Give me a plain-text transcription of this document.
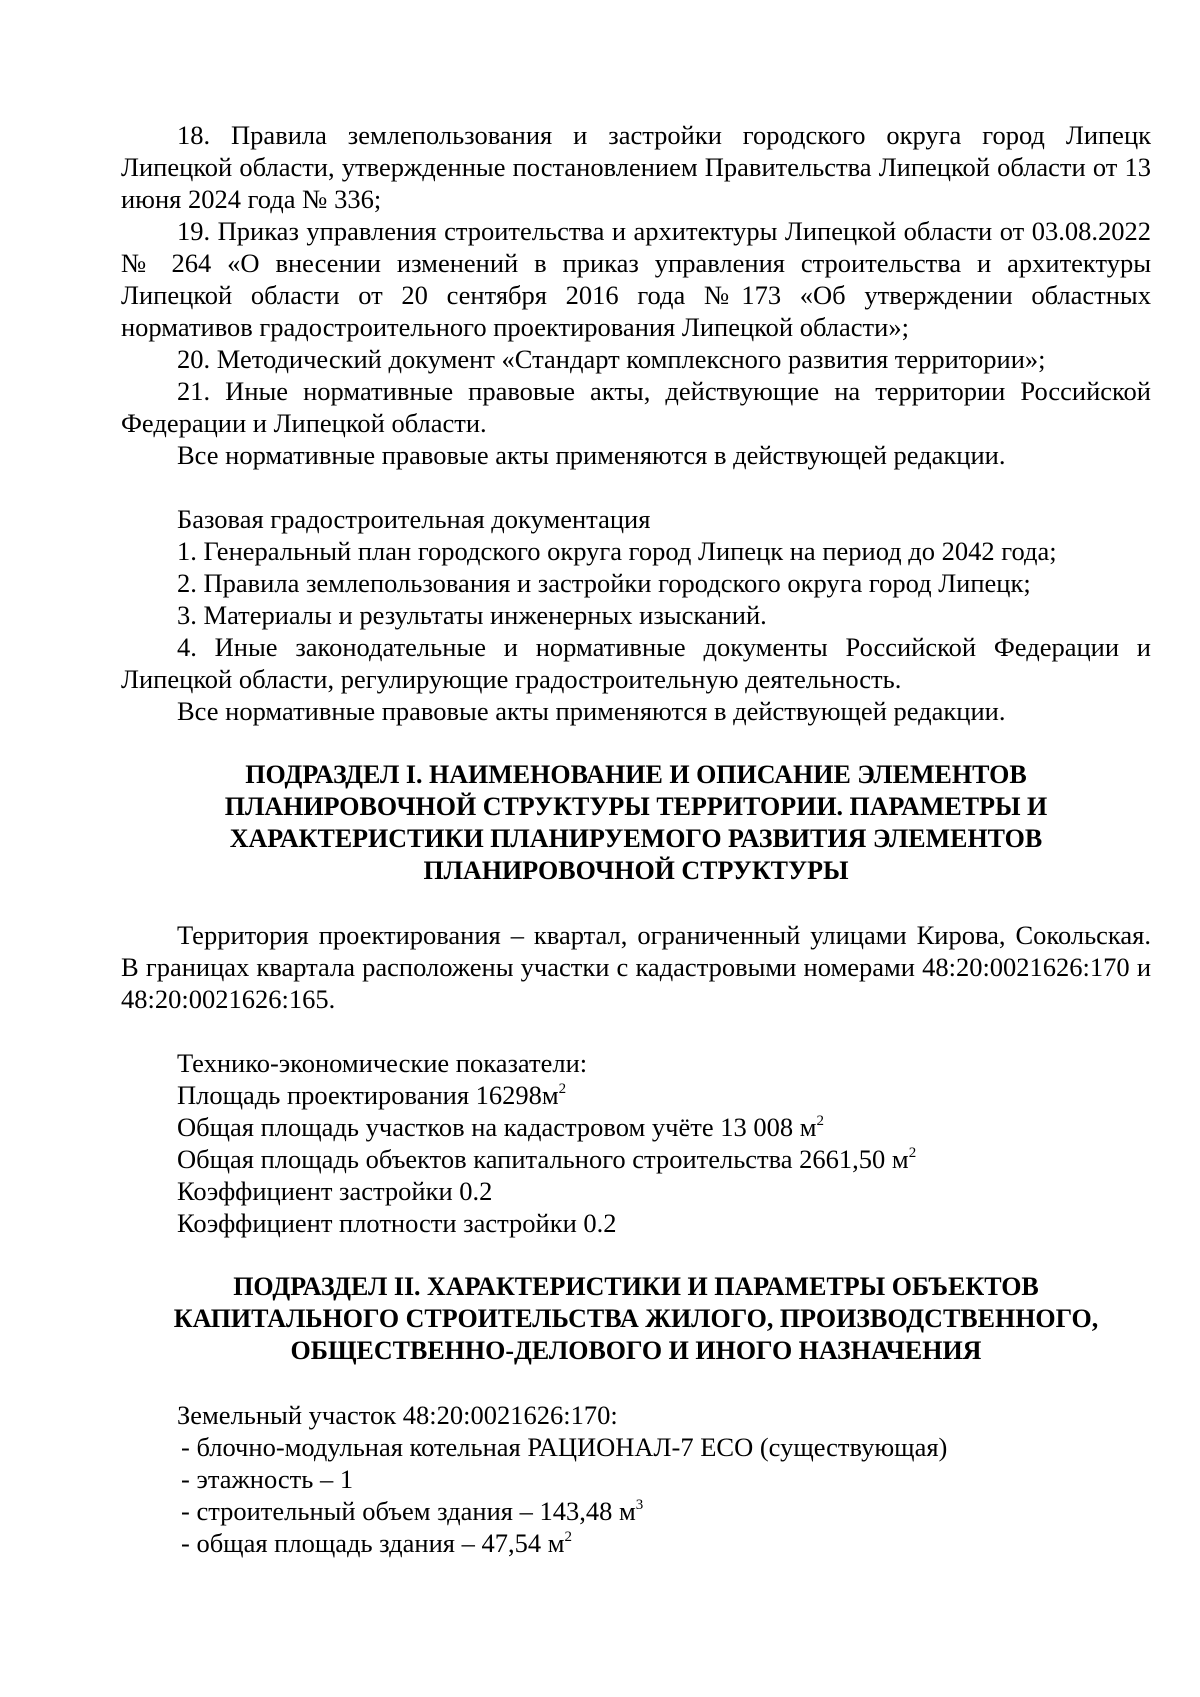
18. Правила землепользования и застройки городского округа город Липецк Липецкой области, утвержденные постановлением Правительства Липецкой области от 13 июня 2024 года № 336;

19. Приказ управления строительства и архитектуры Липецкой области от 03.08.2022 № 264 «О внесении изменений в приказ управления строительства и архитектуры Липецкой области от 20 сентября 2016 года №173 «Об утверждении областных нормативов градостроительного проектирования Липецкой области»;

20. Методический документ «Стандарт комплексного развития территории»;

21. Иные нормативные правовые акты, действующие на территории Российской Федерации и Липецкой области.

Все нормативные правовые акты применяются в действующей редакции.

Базовая градостроительная документация

1. Генеральный план городского округа город Липецк на период до 2042 года;

2. Правила землепользования и застройки городского округа город Липецк;

3. Материалы и результаты инженерных изысканий.

4. Иные законодательные и нормативные документы Российской Федерации и Липецкой области, регулирующие градостроительную деятельность.

Все нормативные правовые акты применяются в действующей редакции.

ПОДРАЗДЕЛ I. НАИМЕНОВАНИЕ И ОПИСАНИЕ ЭЛЕМЕНТОВ
ПЛАНИРОВОЧНОЙ СТРУКТУРЫ ТЕРРИТОРИИ. ПАРАМЕТРЫ И
ХАРАКТЕРИСТИКИ ПЛАНИРУЕМОГО РАЗВИТИЯ ЭЛЕМЕНТОВ
ПЛАНИРОВОЧНОЙ СТРУКТУРЫ

Территория проектирования – квартал, ограниченный улицами Кирова, Сокольская. В границах квартала расположены участки с кадастровыми номерами 48:20:0021626:170 и 48:20:0021626:165.

Технико-экономические показатели:

Площадь проектирования $16298м^2$

Общая площадь участков на кадастровом учёте 13 008 $м^2$

Общая площадь объектов капитального строительства 2661,50 $м^2$

Коэффициент застройки 0.2

Коэффициент плотности застройки 0.2

ПОДРАЗДЕЛ II. ХАРАКТЕРИСТИКИ И ПАРАМЕТРЫ ОБЪЕКТОВ
КАПИТАЛЬНОГО СТРОИТЕЛЬСТВА ЖИЛОГО, ПРОИЗВОДСТВЕННОГО,
ОБЩЕСТВЕННО-ДЕЛОВОГО И ИНОГО НАЗНАЧЕНИЯ

Земельный участок 48:20:0021626:170:

- блочно-модульная котельная РАЦИОНАЛ-7 ЕСО (существующая)

- этажность – 1

- строительный объем здания – 143,48 $м^3$

- общая площадь здания – 47,54 $м^2$
